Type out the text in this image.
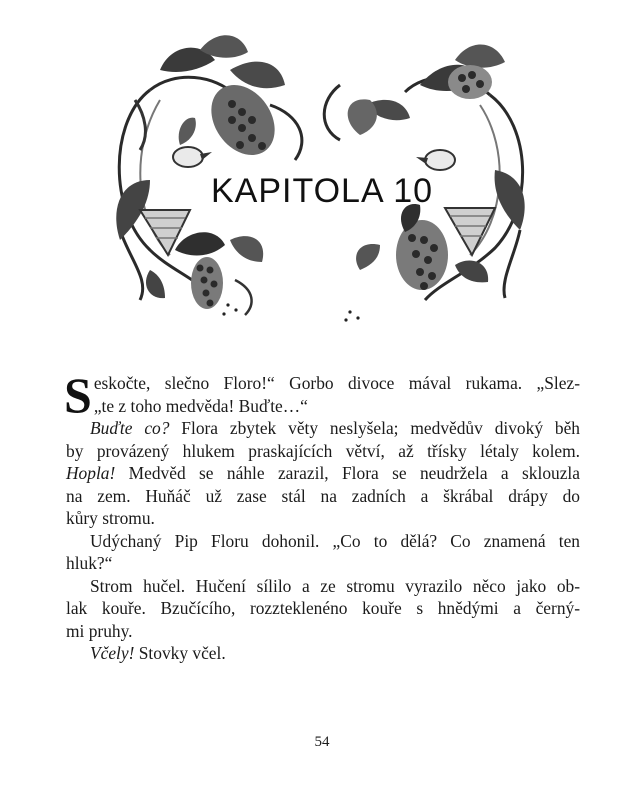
KAPITOLA 10

S eskočte, slečno Floro!“ Gorbo divoce mával rukama. „Slez-
„te z toho medvěda! Buďte…“

Buďte co? Flora zbytek věty neslyšela; medvědův divoký běh
by provázený hlukem praskajících větví, až třísky létaly kolem.
Hopla! Medvěd se náhle zarazil, Flora se neudržela a sklouzla
na zem. Huňáč už zase stál na zadních a škrábal drápy do
kůry stromu.

Udýchaný Pip Floru dohonil. „Co to dělá? Co znamená ten
hluk?“

Strom hučel. Hučení sílilo a ze stromu vyrazilo něco jako ob-
lak kouře. Bzučícího, rozzteklenéno kouře s hnědými a černý-
mi pruhy.

Včely! Stovky včel.

54
